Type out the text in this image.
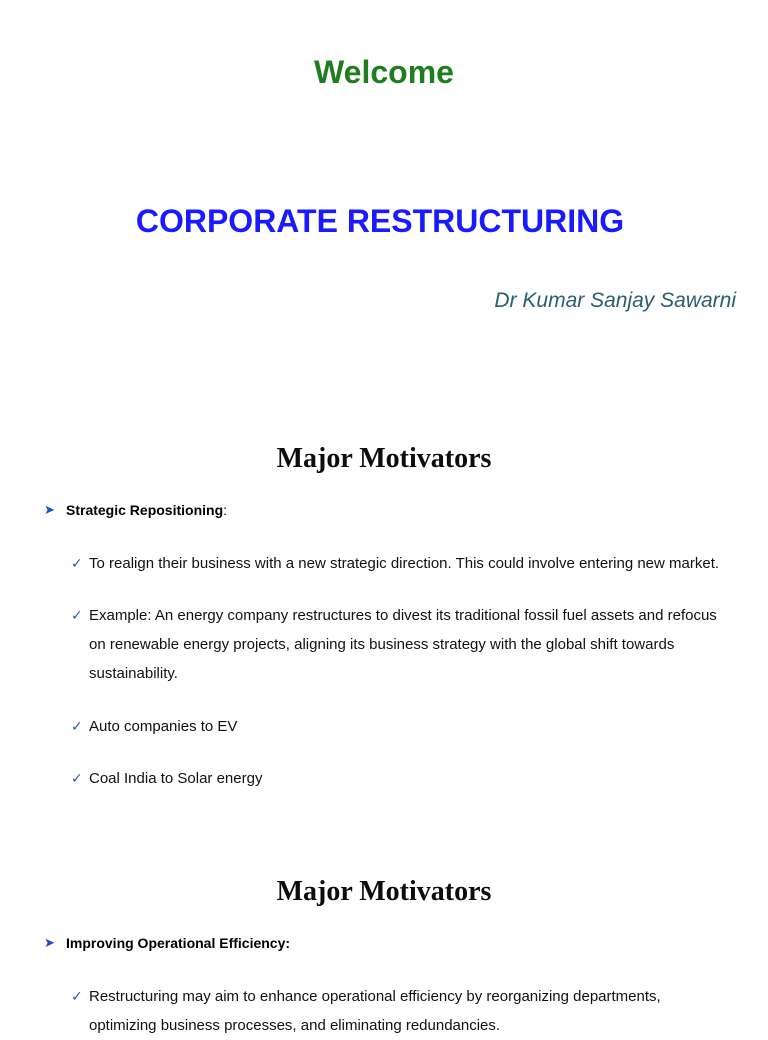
Welcome
CORPORATE RESTRUCTURING
Dr Kumar Sanjay Sawarni
Major Motivators
➤ Strategic Repositioning :
✓ To realign their business with a new strategic direction. This could involve entering new market.
✓ Example: An energy company restructures to divest its traditional fossil fuel assets and refocus on renewable energy projects, aligning its business strategy with the global shift towards sustainability.
✓ Auto companies to EV
✓ Coal India to Solar energy
Major Motivators
➤ Improving Operational Efficiency:
✓ Restructuring may aim to enhance operational efficiency by reorganizing departments, optimizing business processes, and eliminating redundancies.
